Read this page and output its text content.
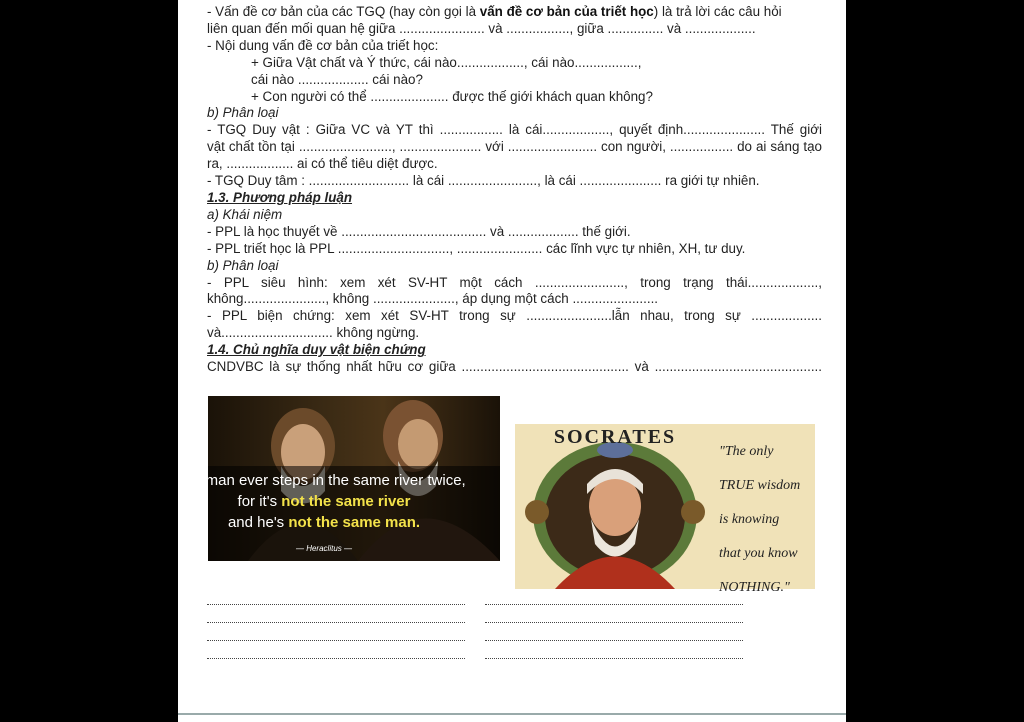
- Vấn đề cơ bản của các TGQ (hay còn gọi là vấn đề cơ bản của triết học) là trả lời các câu hỏi

liên quan đến mối quan hệ giữa ....................... và ................., giữa ............... và ...................

- Nội dung vấn đề cơ bản của triết học:

+ Giữa Vật chất và Ý thức, cái nào.................., cái nào.................,

cái nào ................... cái nào?

+ Con người có thể ..................... được thế giới khách quan không?

b) Phân loại

- TGQ Duy vật : Giữa VC và YT thì ................. là cái.................., quyết định...................... Thế giới

vật chất tồn tại ........................., ...................... với ........................ con người, ................. do ai sáng tạo

ra, .................. ai có thể tiêu diệt được.

- TGQ Duy tâm : ........................... là cái ........................, là cái ...................... ra giới tự nhiên.

1.3. Phương pháp luận

a) Khái niệm

- PPL là học thuyết về ....................................... và ................... thế giới.

- PPL triết học là PPL .............................., ....................... các lĩnh vực tự nhiên, XH, tư duy.

b) Phân loại

- PPL siêu hình: xem xét SV-HT một cách ........................, trong trạng thái...................,

không......................, không ......................, áp dụng một cách .......................

- PPL biện chứng: xem xét SV-HT trong sự .......................lẫn nhau, trong sự ...................

và.............................. không ngừng.

1.4. Chủ nghĩa duy vật biện chứng

CNDVBC là sự thống nhất hữu cơ giữa ............................................. và .............................................

No man ever steps in the same river twice,
for it's not the same river
and he's not the same man.
— Heraclitus —
SOCRATES
"The only
TRUE wisdom
is knowing
that you know
NOTHING."
